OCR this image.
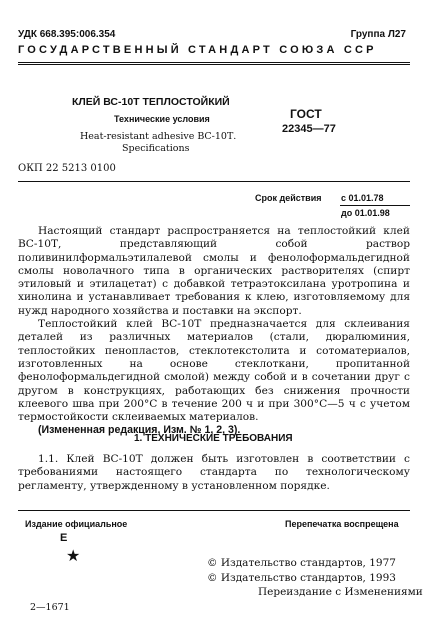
УДК 668.395:006.354	Группа Л27
ГОСУДАРСТВЕННЫЙ СТАНДАРТ СОЮЗА ССР
КЛЕЙ ВС-10Т ТЕПЛОСТОЙКИЙ
Технические условия
Heat-resistant adhesive ВС-10Т.
Specifications
ГОСТ
22345—77
ОКП 22 5213 0100
Срок действия с 01.01.78
до 01.01.98

Настоящий стандарт распространяется на теплостойкий клей ВС-10Т, представляющий собой раствор поливинилформальэтилалевой смолы и фенолоформальдегидной смолы новолачного типа в органических растворителях (спирт этиловый и этилацетат) с добавкой тетраэтоксилана уротропина и хинолина и устанавливает требования к клею, изготовляемому для нужд народного хозяйства и поставки на экспорт.

Теплостойкий клей ВС-10Т предназначается для склеивания деталей из различных материалов (стали, дюралюминия, теплостойких пенопластов, стеклотекстолита и сотоматериалов, изготовленных на основе стеклоткани, пропитанной фенолоформальдегидной смолой) между собой и в сочетании друг с другом в конструкциях, работающих без снижения прочности клеевого шва при 200°С в течение 200 ч и при 300°С—5 ч с учетом термостойкости склеиваемых материалов.

(Измененная редакция, Изм. № 1, 2, 3).

1. ТЕХНИЧЕСКИЕ ТРЕБОВАНИЯ

1.1. Клей ВС-10Т должен быть изготовлен в соответствии с требованиями настоящего стандарта по технологическому регламенту, утвержденному в установленном порядке.

Издание официальное	Перепечатка воспрещена
E
★	© Издательство стандартов, 1977
© Издательство стандартов, 1993
Переиздание с Изменениями
2—1671
